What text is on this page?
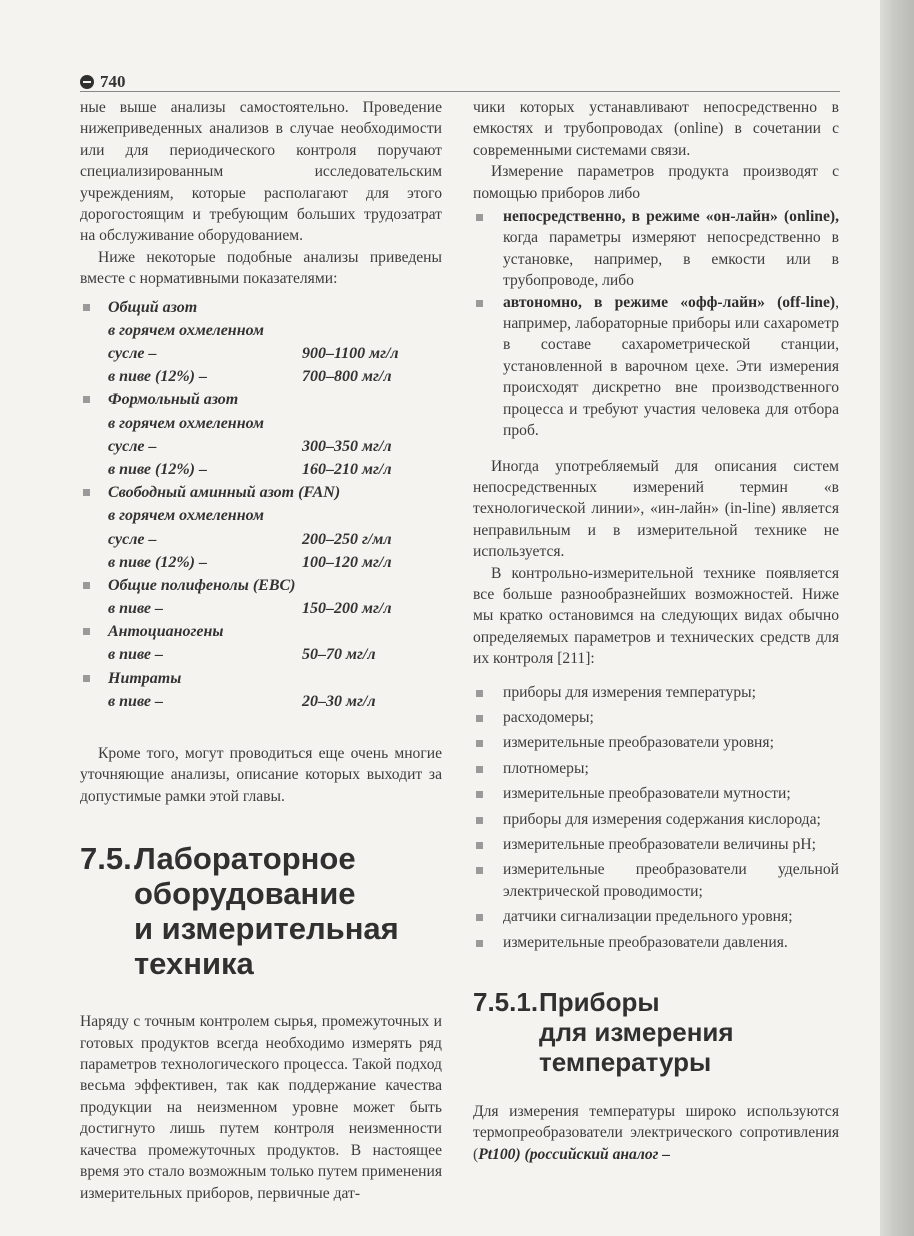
740

ные выше анализы самостоятельно. Проведение нижеприведенных анализов в случае необходимости или для периодического контроля поручают специализированным исследовательским учреждениям, которые располагают для этого дорогостоящим и требующим больших трудозатрат на обслуживание оборудованием.

Ниже некоторые подобные анализы приведены вместе с нормативными показателями:

Общий азот
в горячем охмеленном
сусле –	900–1100 мг/л
в пиве (12%) –	700–800 мг/л
Формольный азот
в горячем охмеленном
сусле –	300–350 мг/л
в пиве (12%) –	160–210 мг/л
Свободный аминный азот (FAN)
в горячем охмеленном
сусле –	200–250 г/мл
в пиве (12%) –	100–120 мг/л
Общие полифенолы (EBC)
в пиве –	150–200 мг/л
Антоцианогены
в пиве –	50–70 мг/л
Нитраты
в пиве –	20–30 мг/л

Кроме того, могут проводиться еще очень многие уточняющие анализы, описание которых выходит за допустимые рамки этой главы.

7.5.Лабораторное
оборудование
и измерительная
техника

Наряду с точным контролем сырья, промежуточных и готовых продуктов всегда необходимо измерять ряд параметров технологического процесса. Такой подход весьма эффективен, так как поддержание качества продукции на неизменном уровне может быть достигнуто лишь путем контроля неизменности качества промежуточных продуктов. В настоящее время это стало возможным только путем применения измерительных приборов, первичные дат-

чики которых устанавливают непосредственно в емкостях и трубопроводах (online) в сочетании с современными системами связи.

Измерение параметров продукта производят с помощью приборов либо

непосредственно, в режиме «он-лайн» (online), когда параметры измеряют непосредственно в установке, например, в емкости или в трубопроводе, либо
автономно, в режиме «офф-лайн» (off-line), например, лабораторные приборы или сахарометр в составе сахарометрической станции, установленной в варочном цехе. Эти измерения происходят дискретно вне производственного процесса и требуют участия человека для отбора проб.

Иногда употребляемый для описания систем непосредственных измерений термин «в технологической линии», «ин-лайн» (in-line) является неправильным и в измерительной технике не используется.

В контрольно-измерительной технике появляется все больше разнообразнейших возможностей. Ниже мы кратко остановимся на следующих видах обычно определяемых параметров и технических средств для их контроля [211]:

приборы для измерения температуры;
расходомеры;
измерительные преобразователи уровня;
плотномеры;
измерительные преобразователи мутности;
приборы для измерения содержания кислорода;
измерительные преобразователи величины pH;
измерительные преобразователи удельной электрической проводимости;
датчики сигнализации предельного уровня;
измерительные преобразователи давления.
7.5.1.Приборы
для измерения
температуры

Для измерения температуры широко используются термопреобразователи электрического сопротивления (Pt100) (российский аналог –
